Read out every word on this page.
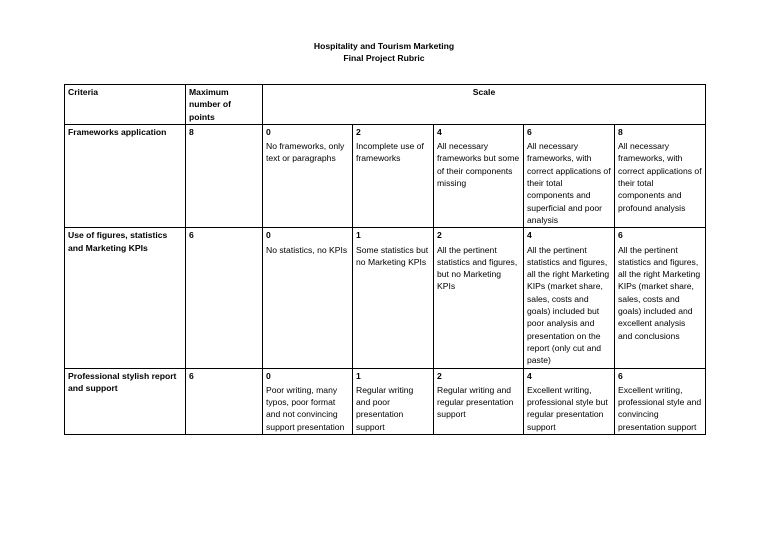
Hospitality and Tourism Marketing
Final Project Rubric
Criteria	Maximum number of points	Scale				
Frameworks application	8	0	2	4	6	8
		No frameworks, only text or paragraphs	Incomplete use of frameworks	All necessary frameworks but some of their components missing	All necessary frameworks, with correct applications of their total components and superficial and poor analysis	All necessary frameworks, with correct applications of their total components and profound analysis
Use of figures, statistics and Marketing KPIs	6	0	1	2	4	6
		No statistics, no KPIs	Some statistics but no Marketing KPIs	All the pertinent statistics and figures, but no Marketing KPIs	All the pertinent statistics and figures, all the right Marketing KIPs (market share, sales, costs and goals) included but poor analysis and presentation on the report (only cut and paste)	All the pertinent statistics and figures, all the right Marketing KIPs (market share, sales, costs and goals) included and excellent analysis and conclusions
Professional stylish report and support	6	0	1	2	4	6
		Poor writing, many typos, poor format and not convincing support presentation	Regular writing and poor presentation support	Regular writing and regular presentation support	Excellent writing, professional style but regular presentation support	Excellent writing, professional style and convincing presentation support
